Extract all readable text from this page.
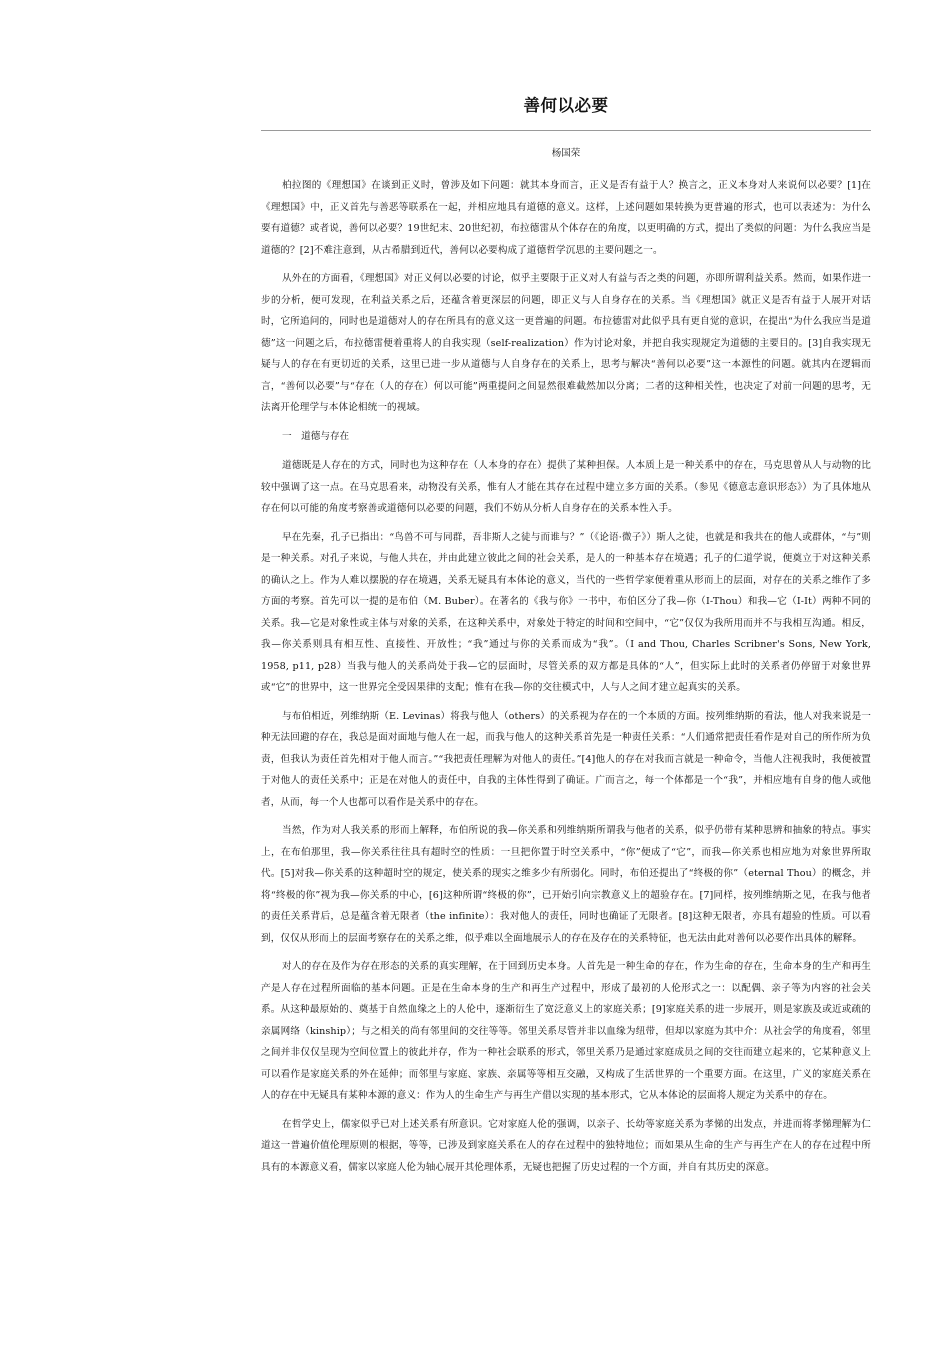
善何以必要
杨国荣

柏拉图的《理想国》在谈到正义时，曾涉及如下问题：就其本身而言，正义是否有益于人？换言之，正义本身对人来说何以必要？[1]在《理想国》中，正义首先与善恶等联系在一起，并相应地具有道德的意义。这样，上述问题如果转换为更普遍的形式，也可以表述为：为什么要有道德？或者说，善何以必要？19世纪末、20世纪初，布拉德雷从个体存在的角度，以更明确的方式，提出了类似的问题：为什么我应当是道德的？[2]不难注意到，从古希腊到近代，善何以必要构成了道德哲学沉思的主要问题之一。

从外在的方面看，《理想国》对正义何以必要的讨论，似乎主要限于正义对人有益与否之类的问题，亦即所谓利益关系。然而，如果作进一步的分析，便可发现，在利益关系之后，还蕴含着更深层的问题，即正义与人自身存在的关系。当《理想国》就正义是否有益于人展开对话时，它所追问的，同时也是道德对人的存在所具有的意义这一更普遍的问题。布拉德雷对此似乎具有更自觉的意识，在提出“为什么我应当是道德”这一问题之后，布拉德雷便着重将人的自我实现（self-realization）作为讨论对象，并把自我实现规定为道德的主要目的。[3]自我实现无疑与人的存在有更切近的关系，这里已进一步从道德与人自身存在的关系上，思考与解决“善何以必要”这一本源性的问题。就其内在逻辑而言，“善何以必要”与“存在（人的存在）何以可能”两重提问之间显然很难截然加以分离；二者的这种相关性，也决定了对前一问题的思考，无法离开伦理学与本体论相统一的视域。

一　道德与存在

道德既是人存在的方式，同时也为这种存在（人本身的存在）提供了某种担保。人本质上是一种关系中的存在，马克思曾从人与动物的比较中强调了这一点。在马克思看来，动物没有关系，惟有人才能在其存在过程中建立多方面的关系。（参见《德意志意识形态》）为了具体地从存在何以可能的角度考察善或道德何以必要的问题，我们不妨从分析人自身存在的关系本性入手。

早在先秦，孔子已指出：“鸟兽不可与同群，吾非斯人之徒与而谁与？”（《论语·微子》）斯人之徒，也就是和我共在的他人或群体，“与”则是一种关系。对孔子来说，与他人共在，并由此建立彼此之间的社会关系，是人的一种基本存在境遇；孔子的仁道学说，便奠立于对这种关系的确认之上。作为人难以摆脱的存在境遇，关系无疑具有本体论的意义，当代的一些哲学家便着重从形而上的层面，对存在的关系之维作了多方面的考察。首先可以一提的是布伯（M. Buber）。在著名的《我与你》一书中，布伯区分了我—你（I-Thou）和我—它（I-It）两种不同的关系。我—它是对象性或主体与对象的关系，在这种关系中，对象处于特定的时间和空间中，“它”仅仅为我所用而并不与我相互沟通。相反，我—你关系则具有相互性、直接性、开放性；“我”通过与你的关系而成为“我”。（I and Thou, Charles Scribner's Sons, New York, 1958, p11, p28）当我与他人的关系尚处于我—它的层面时，尽管关系的双方都是具体的“人”，但实际上此时的关系者仍停留于对象世界或“它”的世界中，这一世界完全受因果律的支配；惟有在我—你的交往模式中，人与人之间才建立起真实的关系。

与布伯相近，列维纳斯（E. Levinas）将我与他人（others）的关系视为存在的一个本质的方面。按列维纳斯的看法，他人对我来说是一种无法回避的存在，我总是面对面地与他人在一起，而我与他人的这种关系首先是一种责任关系：“人们通常把责任看作是对自己的所作所为负责，但我认为责任首先相对于他人而言。”“我把责任理解为对他人的责任。”[4]他人的存在对我而言就是一种命令，当他人注视我时，我便被置于对他人的责任关系中；正是在对他人的责任中，自我的主体性得到了确证。广而言之，每一个体都是一个“我”，并相应地有自身的他人或他者，从而，每一个人也都可以看作是关系中的存在。

当然，作为对人我关系的形而上解释，布伯所说的我—你关系和列维纳斯所谓我与他者的关系，似乎仍带有某种思辨和抽象的特点。事实上，在布伯那里，我—你关系往往具有超时空的性质：一旦把你置于时空关系中，“你”便成了“它”，而我—你关系也相应地为对象世界所取代。[5]对我—你关系的这种超时空的规定，使关系的现实之维多少有所弱化。同时，布伯还提出了“终极的你”（eternal Thou）的概念，并将“终极的你”视为我—你关系的中心，[6]这种所谓“终极的你”，已开始引向宗教意义上的超验存在。[7]同样，按列维纳斯之见，在我与他者的责任关系背后，总是蕴含着无限者（the infinite）：我对他人的责任，同时也确证了无限者。[8]这种无限者，亦具有超验的性质。可以看到，仅仅从形而上的层面考察存在的关系之维，似乎难以全面地展示人的存在及存在的关系特征，也无法由此对善何以必要作出具体的解释。

对人的存在及作为存在形态的关系的真实理解，在于回到历史本身。人首先是一种生命的存在，作为生命的存在，生命本身的生产和再生产是人存在过程所面临的基本问题。正是在生命本身的生产和再生产过程中，形成了最初的人伦形式之一：以配偶、亲子等为内容的社会关系。从这种最原始的、奠基于自然血缘之上的人伦中，逐渐衍生了宽泛意义上的家庭关系；[9]家庭关系的进一步展开，则是家族及或近或疏的亲属网络（kinship）；与之相关的尚有邻里间的交往等等。邻里关系尽管并非以血缘为纽带，但却以家庭为其中介：从社会学的角度看，邻里之间并非仅仅呈现为空间位置上的彼此并存，作为一种社会联系的形式，邻里关系乃是通过家庭成员之间的交往而建立起来的，它某种意义上可以看作是家庭关系的外在延伸；而邻里与家庭、家族、亲属等等相互交融，又构成了生活世界的一个重要方面。在这里，广义的家庭关系在人的存在中无疑具有某种本源的意义：作为人的生命生产与再生产借以实现的基本形式，它从本体论的层面将人规定为关系中的存在。

在哲学史上，儒家似乎已对上述关系有所意识。它对家庭人伦的强调，以亲子、长幼等家庭关系为孝悌的出发点，并进而将孝悌理解为仁道这一普遍价值伦理原则的根据，等等，已涉及到家庭关系在人的存在过程中的独特地位；而如果从生命的生产与再生产在人的存在过程中所具有的本源意义看，儒家以家庭人伦为轴心展开其伦理体系，无疑也把握了历史过程的一个方面，并自有其历史的深意。
